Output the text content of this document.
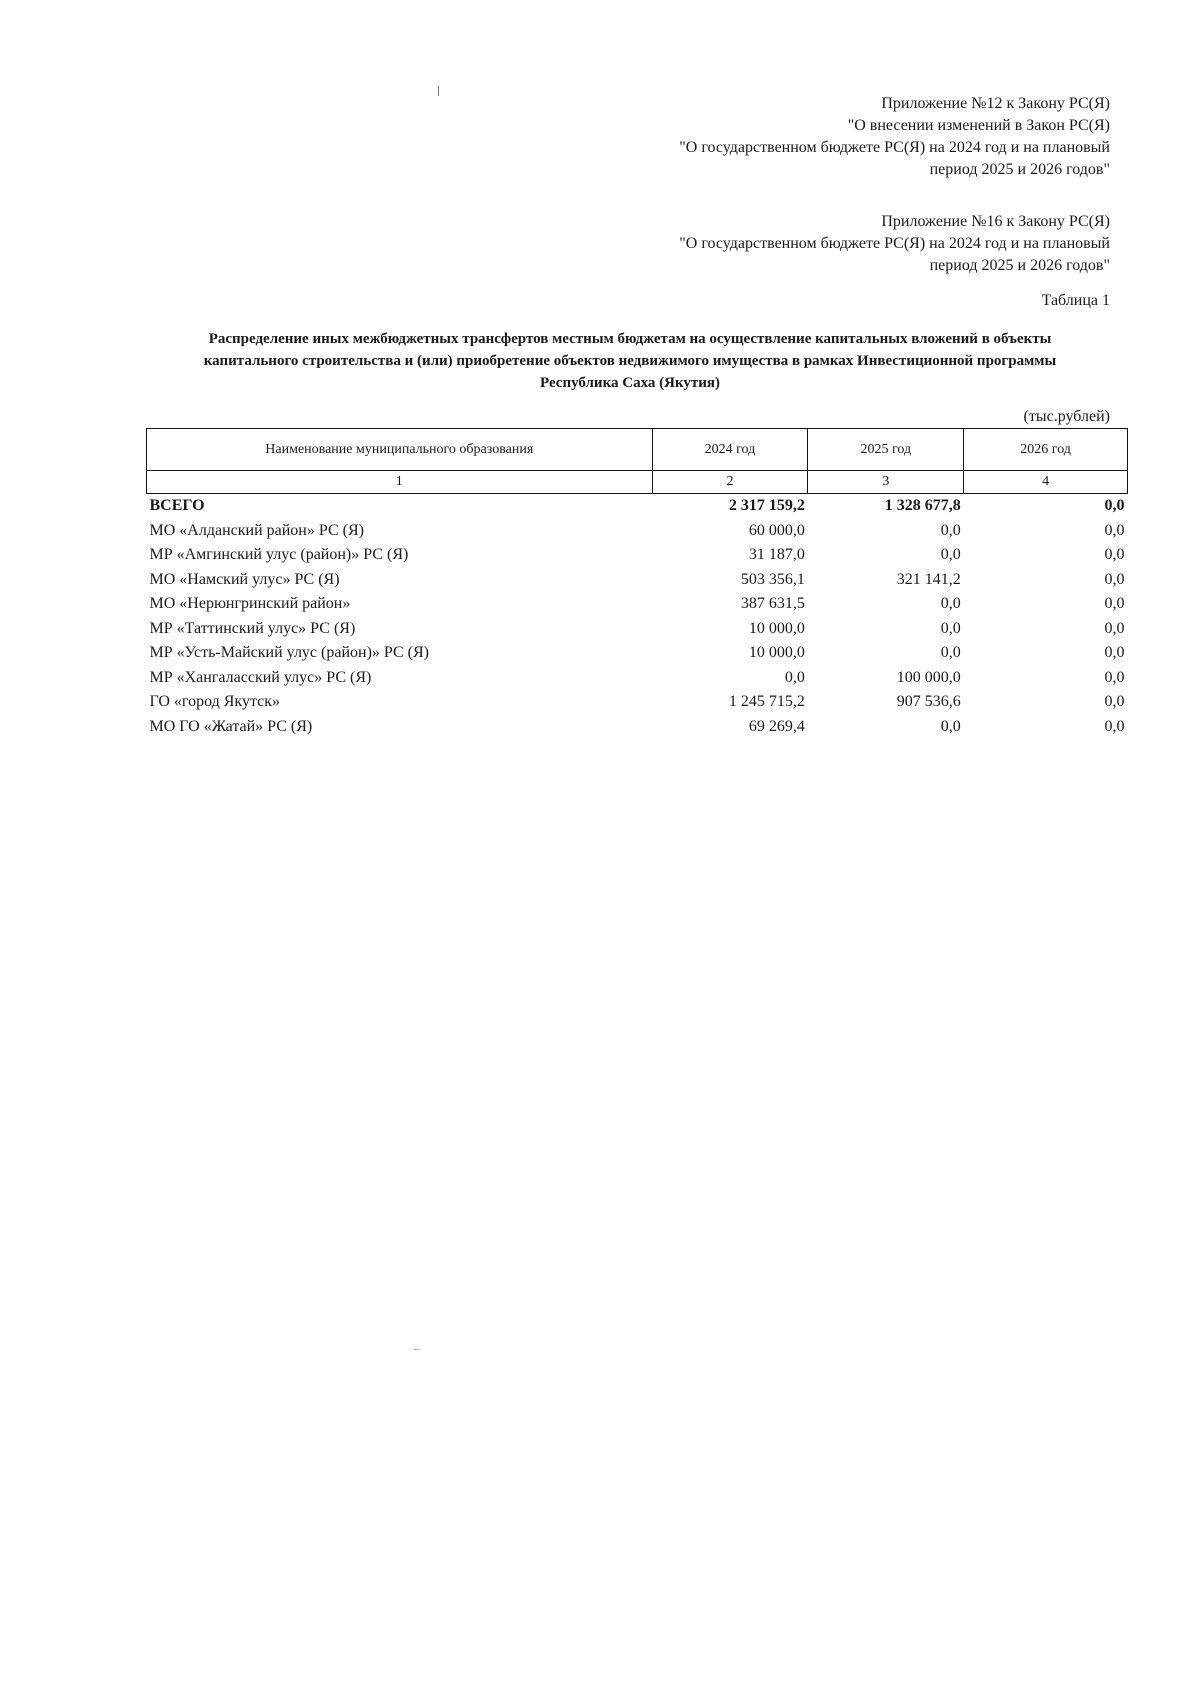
Приложение №12 к Закону РС(Я)
"О внесении изменений в Закон РС(Я)
"О государственном бюджете РС(Я) на 2024 год и на плановый
период 2025 и 2026 годов"
Приложение №16 к Закону РС(Я)
"О государственном бюджете РС(Я) на 2024 год и на плановый
период 2025 и 2026 годов"
Таблица 1
Распределение иных межбюджетных трансфертов местным бюджетам на осуществление капитальных вложений в объекты
капитального строительства и (или) приобретение объектов недвижимого имущества в рамках Инвестиционной программы
Республика Саха (Якутия)
(тыс.рублей)
Наименование муниципального образования	2024 год	2025 год	2026 год
1	2	3	4
ВСЕГО	2 317 159,2	1 328 677,8	0,0
МО «Алданский район» РС (Я)	60 000,0	0,0	0,0
МР «Амгинский улус (район)» РС (Я)	31 187,0	0,0	0,0
МО «Намский улус» РС (Я)	503 356,1	321 141,2	0,0
МО «Нерюнгринский район»	387 631,5	0,0	0,0
МР «Таттинский улус» РС (Я)	10 000,0	0,0	0,0
МР «Усть-Майский улус (район)» РС (Я)	10 000,0	0,0	0,0
МР «Хангаласский улус» РС (Я)	0,0	100 000,0	0,0
ГО «город Якутск»	1 245 715,2	907 536,6	0,0
МО ГО «Жатай» РС (Я)	69 269,4	0,0	0,0
